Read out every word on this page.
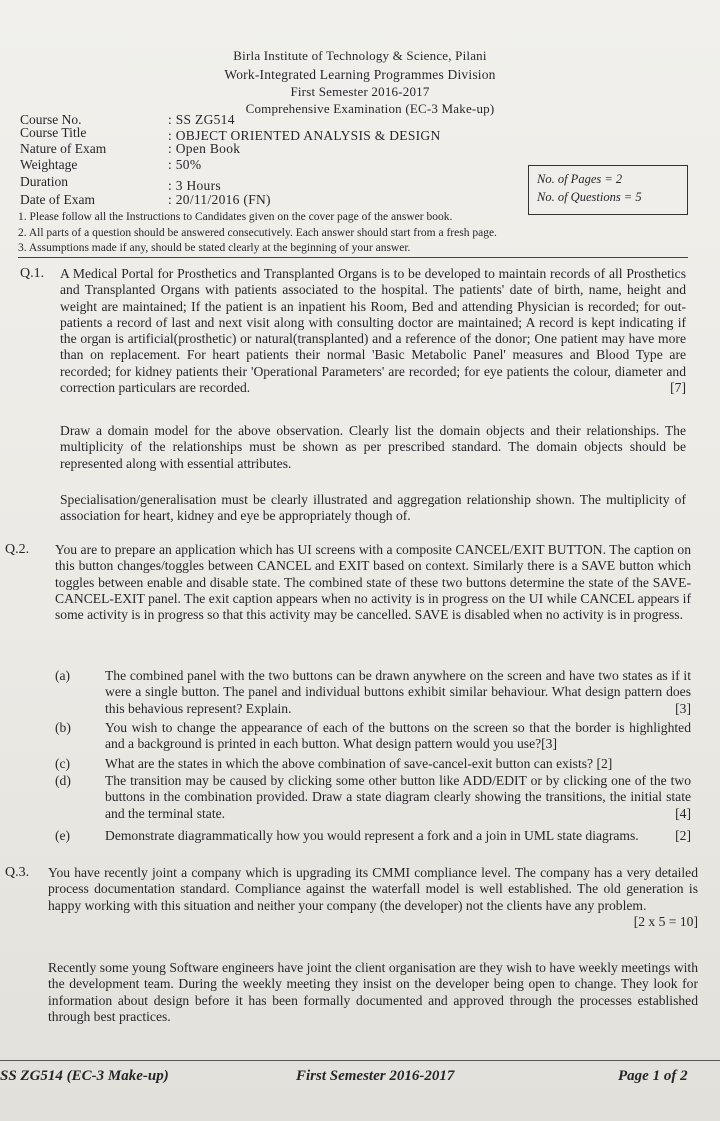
Birla Institute of Technology & Science, Pilani
Work-Integrated Learning Programmes Division
First Semester 2016-2017
Comprehensive Examination (EC-3 Make-up)
Course No.	: SS ZG514
Course Title	: OBJECT ORIENTED ANALYSIS & DESIGN
Nature of Exam	: Open Book
Weightage	: 50%
Duration	: 3 Hours
Date of Exam	: 20/11/2016 (FN)
No. of Pages = 2
No. of Questions = 5
1. Please follow all the Instructions to Candidates given on the cover page of the answer book.
2. All parts of a question should be answered consecutively. Each answer should start from a fresh page.
3. Assumptions made if any, should be stated clearly at the beginning of your answer.
Q.1. A Medical Portal for Prosthetics and Transplanted Organs is to be developed to maintain records of all Prosthetics and Transplanted Organs with patients associated to the hospital. The patients' date of birth, name, height and weight are maintained; If the patient is an inpatient his Room, Bed and attending Physician is recorded; for out-patients a record of last and next visit along with consulting doctor are maintained; A record is kept indicating if the organ is artificial(prosthetic) or natural(transplanted) and a reference of the donor; One patient may have more than on replacement. For heart patients their normal 'Basic Metabolic Panel' measures and Blood Type are recorded; for kidney patients their 'Operational Parameters' are recorded; for eye patients the colour, diameter and correction particulars are recorded.	[7]
Draw a domain model for the above observation. Clearly list the domain objects and their relationships. The multiplicity of the relationships must be shown as per prescribed standard. The domain objects should be represented along with essential attributes.
Specialisation/generalisation must be clearly illustrated and aggregation relationship shown. The multiplicity of association for heart, kidney and eye be appropriately though of.
Q.2. You are to prepare an application which has UI screens with a composite CANCEL/EXIT BUTTON. The caption on this button changes/toggles between CANCEL and EXIT based on context. Similarly there is a SAVE button which toggles between enable and disable state. The combined state of these two buttons determine the state of the SAVE-CANCEL-EXIT panel. The exit caption appears when no activity is in progress on the UI while CANCEL appears if some activity is in progress so that this activity may be cancelled. SAVE is disabled when no activity is in progress.
(a)	The combined panel with the two buttons can be drawn anywhere on the screen and have two states as if it were a single button. The panel and individual buttons exhibit similar behaviour. What design pattern does this behavious represent? Explain.	[3]
(b)	You wish to change the appearance of each of the buttons on the screen so that the border is highlighted and a background is printed in each button. What design pattern would you use?[3]
(c)	What are the states in which the above combination of save-cancel-exit button can exists? [2]
(d)	The transition may be caused by clicking some other button like ADD/EDIT or by clicking one of the two buttons in the combination provided. Draw a state diagram clearly showing the transitions, the initial state and the terminal state.	[4]
(e)	Demonstrate diagrammatically how you would represent a fork and a join in UML state diagrams.	[2]
Q.3. You have recently joint a company which is upgrading its CMMI compliance level. The company has a very detailed process documentation standard. Compliance against the waterfall model is well established. The old generation is happy working with this situation and neither your company (the developer) not the clients have any problem.
[2 x 5 = 10]
Recently some young Software engineers have joint the client organisation are they wish to have weekly meetings with the development team. During the weekly meeting they insist on the developer being open to change. They look for information about design before it has been formally documented and approved through the processes established through best practices.
SS ZG514 (EC-3 Make-up)	First Semester 2016-2017	Page 1 of 2
